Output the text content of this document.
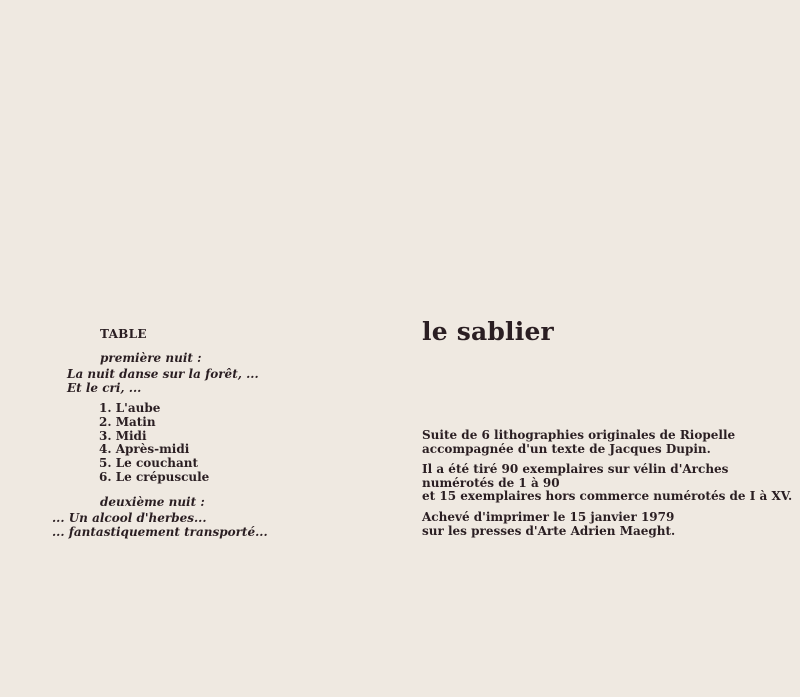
TABLE
première nuit :
La nuit danse sur la forêt, ...
Et le cri, ...
1. L'aube
2. Matin
3. Midi
4. Après-midi
5. Le couchant
6. Le crépuscule
deuxième nuit :
... Un alcool d'herbes...
... fantastiquement transporté...
le sablier

Suite de 6 lithographies originales de Riopelle
accompagnée d'un texte de Jacques Dupin.

Il a été tiré 90 exemplaires sur vélin d'Arches
numérotés de 1 à 90
et 15 exemplaires hors commerce numérotés de I à XV.

Achevé d'imprimer le 15 janvier 1979
sur les presses d'Arte Adrien Maeght.
